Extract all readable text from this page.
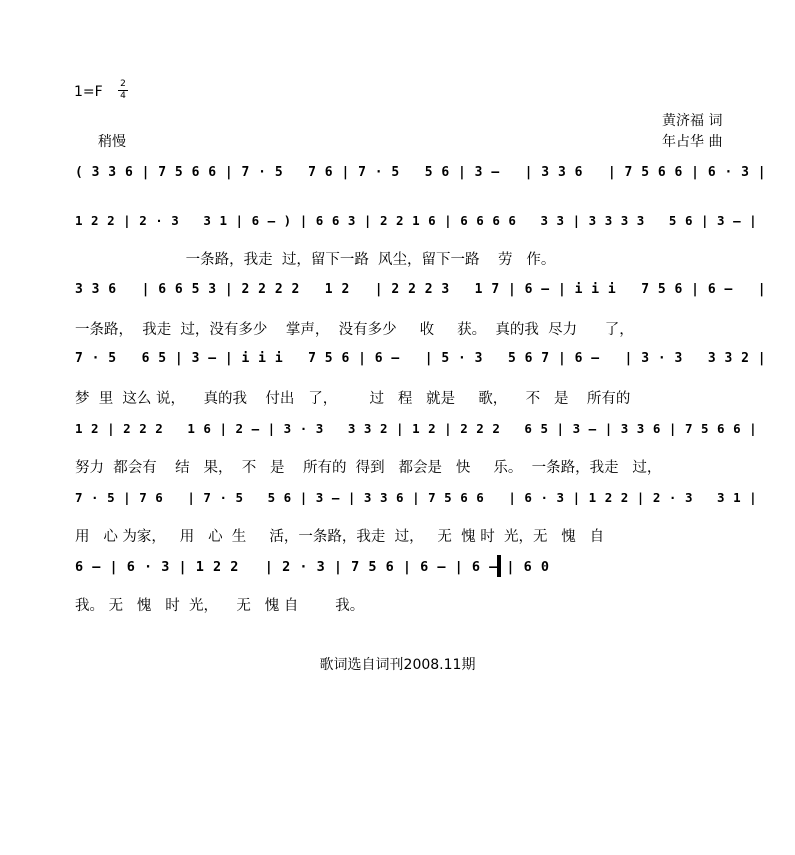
1=F 2
4
黄济福 词
年占华 曲
稍慢
( 3 3 6 | 7 5 6 6 | 7 · 5   7 6 | 7 · 5   5 6 | 3 —   | 3 3 6   | 7 5 6 6 | 6 · 3 |
1 2 2 | 2 · 3   3 1 | 6 — ) | 6 6 3 | 2 2 1 6 | 6 6 6 6   3 3 | 3 3 3 3   5 6 | 3 — |
一条路，我走  过，留下一路  风尘，留下一路    劳   作。
3 3 6   | 6 6 5 3 | 2 2 2 2   1 2   | 2 2 2 3   1 7 | 6 — | i i i   7 5 6 | 6 —   |
一条路，  我走  过，没有多少    掌声，  没有多少     收     获。  真的我  尽力      了，
7 · 5   6 5 | 3 — | i i i   7 5 6 | 6 —   | 5 · 3   5 6 7 | 6 —   | 3 · 3   3 3 2 |
梦  里  这么 说，    真的我    付出   了，       过   程   就是     歌，    不   是    所有的
1 2 | 2 2 2   1 6 | 2 — | 3 · 3   3 3 2 | 1 2 | 2 2 2   6 5 | 3 — | 3 3 6 | 7 5 6 6 |
努力  都会有    结   果，  不   是    所有的  得到   都会是   快     乐。  一条路，我走   过，
7 · 5 | 7 6   | 7 · 5   5 6 | 3 — | 3 3 6 | 7 5 6 6   | 6 · 3 | 1 2 2 | 2 · 3   3 1 |
用   心 为家，   用   心  生     活，一条路，我走  过，   无  愧 时  光，无   愧   自
6 — | 6 · 3 | 1 2 2   | 2 · 3 | 7 5 6 | 6 — | 6 — | 6 0
我。 无   愧   时  光，    无   愧 自        我。
歌词选自词刊2008.11期
